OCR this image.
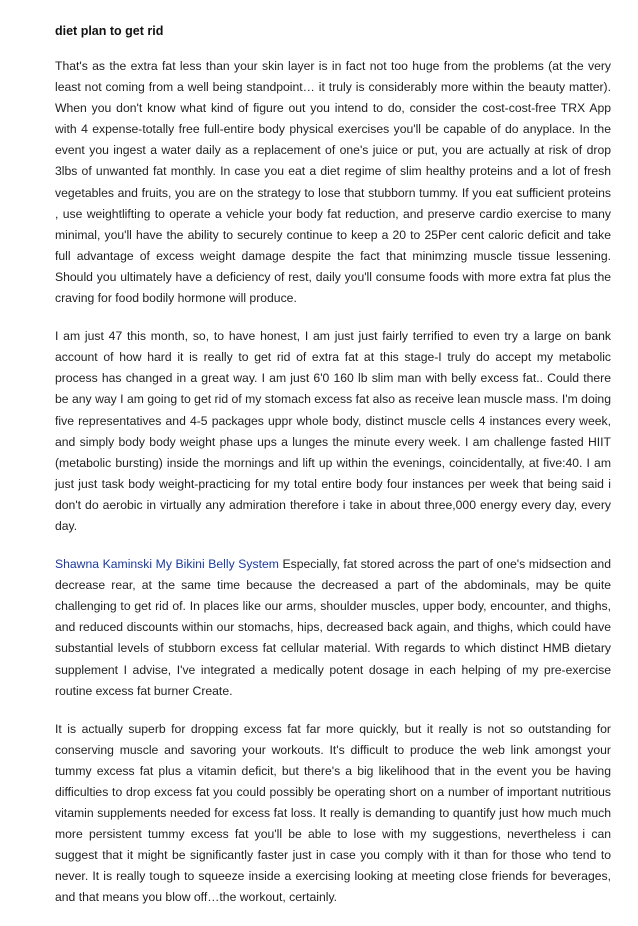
diet plan to get rid

That's as the extra fat less than your skin layer is in fact not too huge from the problems (at the very least not coming from a well being standpoint… it truly is considerably more within the beauty matter). When you don't know what kind of figure out you intend to do, consider the cost-cost-free TRX App with 4 expense-totally free full-entire body physical exercises you'll be capable of do anyplace. In the event you ingest a water daily as a replacement of one's juice or put, you are actually at risk of drop 3lbs of unwanted fat monthly. In case you eat a diet regime of slim healthy proteins and a lot of fresh vegetables and fruits, you are on the strategy to lose that stubborn tummy. If you eat sufficient proteins , use weightlifting to operate a vehicle your body fat reduction, and preserve cardio exercise to many minimal, you'll have the ability to securely continue to keep a 20 to 25Per cent caloric deficit and take full advantage of excess weight damage despite the fact that minimzing muscle tissue lessening. Should you ultimately have a deficiency of rest, daily you'll consume foods with more extra fat plus the craving for food bodily hormone will produce.

I am just 47 this month, so, to have honest, I am just just fairly terrified to even try a large on bank account of how hard it is really to get rid of extra fat at this stage-I truly do accept my metabolic process has changed in a great way. I am just 6'0 160 lb slim man with belly excess fat.. Could there be any way I am going to get rid of my stomach excess fat also as receive lean muscle mass. I'm doing five representatives and 4-5 packages uppr whole body, distinct muscle cells 4 instances every week, and simply body body weight phase ups a lunges the minute every week. I am challenge fasted HIIT (metabolic bursting) inside the mornings and lift up within the evenings, coincidentally, at five:40. I am just just task body weight-practicing for my total entire body four instances per week that being said i don't do aerobic in virtually any admiration therefore i take in about three,000 energy every day, every day.

Shawna Kaminski My Bikini Belly System Especially, fat stored across the part of one's midsection and decrease rear, at the same time because the decreased a part of the abdominals, may be quite challenging to get rid of. In places like our arms, shoulder muscles, upper body, encounter, and thighs, and reduced discounts within our stomachs, hips, decreased back again, and thighs, which could have substantial levels of stubborn excess fat cellular material. With regards to which distinct HMB dietary supplement I advise, I've integrated a medically potent dosage in each helping of my pre-exercise routine excess fat burner Create.

It is actually superb for dropping excess fat far more quickly, but it really is not so outstanding for conserving muscle and savoring your workouts. It's difficult to produce the web link amongst your tummy excess fat plus a vitamin deficit, but there's a big likelihood that in the event you be having difficulties to drop excess fat you could possibly be operating short on a number of important nutritious vitamin supplements needed for excess fat loss. It really is demanding to quantify just how much much more persistent tummy excess fat you'll be able to lose with my suggestions, nevertheless i can suggest that it might be significantly faster just in case you comply with it than for those who tend to never. It is really tough to squeeze inside a exercising looking at meeting close friends for beverages, and that means you blow off…the workout, certainly.
